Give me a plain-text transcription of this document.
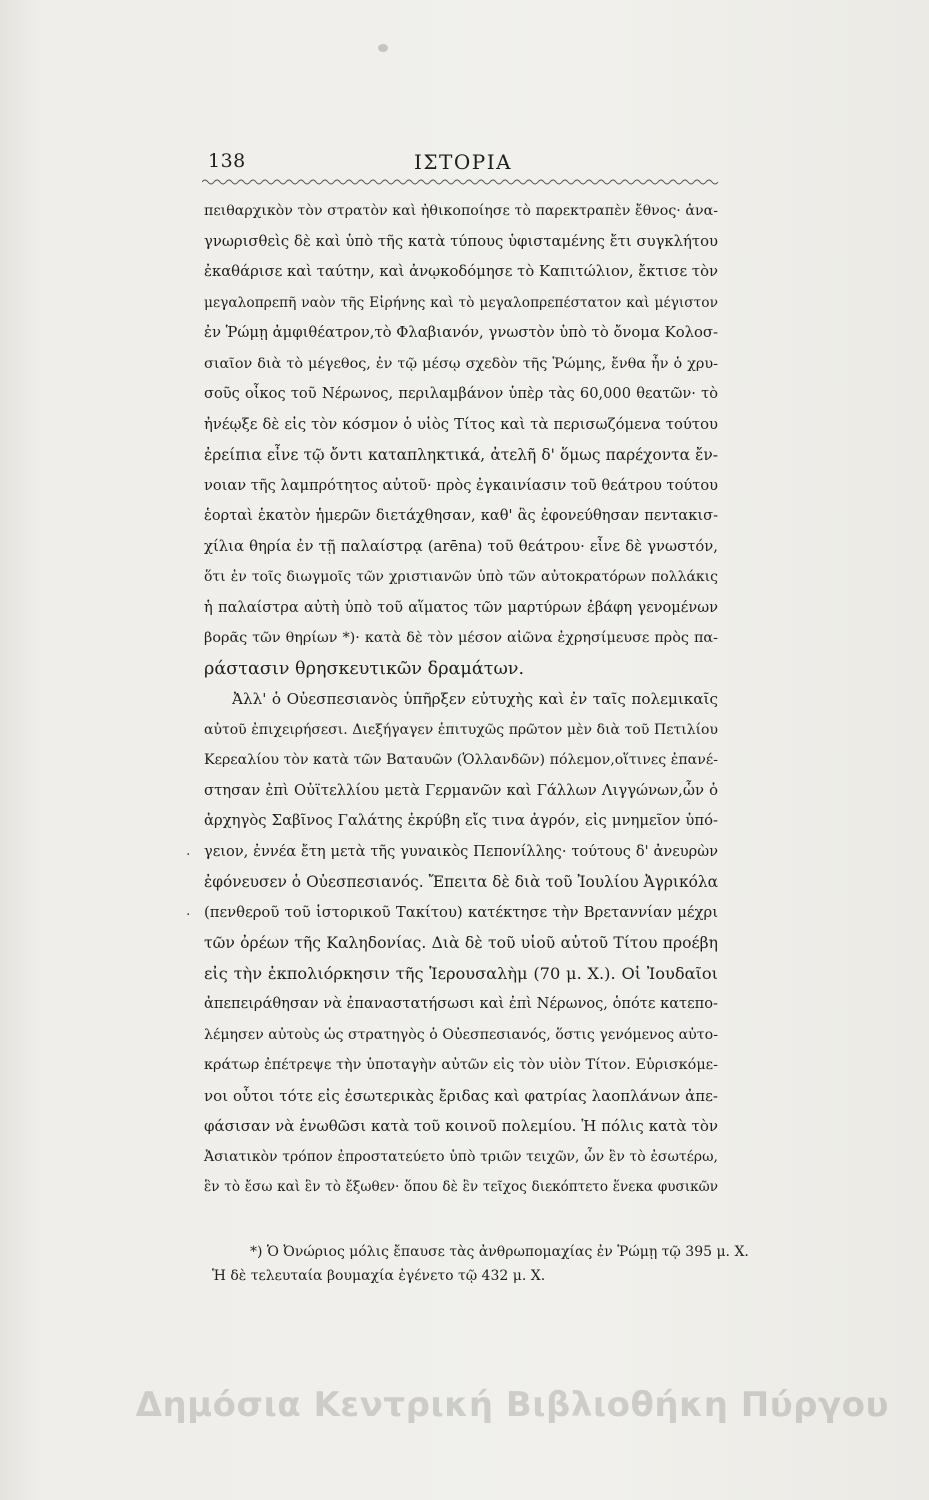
138	ΙΣΤΟΡΙΑ
πειθαρχικὸν τὸν στρατὸν καὶ ἠθικοποίησε τὸ παρεκτραπὲν ἔθνος· ἀνα-
γνωρισθεὶς δὲ καὶ ὑπὸ τῆς κατὰ τύπους ὑφισταμένης ἔτι συγκλήτου
ἐκαθάρισε καὶ ταύτην, καὶ ἀνῳκοδόμησε τὸ Καπιτώλιον, ἔκτισε τὸν
μεγαλοπρεπῆ ναὸν τῆς Εἰρήνης καὶ τὸ μεγαλοπρεπέστατον καὶ μέγιστον
ἐν Ῥώμῃ ἀμφιθέατρον,τὸ Φλαβιανόν, γνωστὸν ὑπὸ τὸ ὄνομα Κολοσ-
σιαῖον διὰ τὸ μέγεθος, ἐν τῷ μέσῳ σχεδὸν τῆς Ῥώμης, ἔνθα ἦν ὁ χρυ-
σοῦς οἶκος τοῦ Νέρωνος, περιλαμβάνον ὑπὲρ τὰς 60,000 θεατῶν· τὸ
ἠνέῳξε δὲ εἰς τὸν κόσμον ὁ υἱὸς Τίτος καὶ τὰ περισωζόμενα τούτου
ἐρείπια εἶνε τῷ ὄντι καταπληκτικά, ἀτελῆ δ' ὅμως παρέχοντα ἔν-
νοιαν τῆς λαμπρότητος αὐτοῦ· πρὸς ἐγκαινίασιν τοῦ θεάτρου τούτου
ἑορταὶ ἑκατὸν ἡμερῶν διετάχθησαν, καθ' ἃς ἐφονεύθησαν πεντακισ-
χίλια θηρία ἐν τῇ παλαίστρᾳ (arēna) τοῦ θεάτρου· εἶνε δὲ γνωστόν,
ὅτι ἐν τοῖς διωγμοῖς τῶν χριστιανῶν ὑπὸ τῶν αὐτοκρατόρων πολλάκις
ἡ παλαίστρα αὐτὴ ὑπὸ τοῦ αἵματος τῶν μαρτύρων ἐβάφη γενομένων
βορᾶς τῶν θηρίων *)· κατὰ δὲ τὸν μέσον αἰῶνα ἐχρησίμευσε πρὸς πα-
ράστασιν θρησκευτικῶν δραμάτων.
Ἀλλ' ὁ Οὐεσπεσιανὸς ὑπῆρξεν εὐτυχὴς καὶ ἐν ταῖς πολεμικαῖς
αὐτοῦ ἐπιχειρήσεσι. Διεξήγαγεν ἐπιτυχῶς πρῶτον μὲν διὰ τοῦ Πετιλίου
Κερεαλίου τὸν κατὰ τῶν Βαταυῶν (Ὁλλανδῶν) πόλεμον,οἵτινες ἐπανέ-
στησαν ἐπὶ Οὐϊτελλίου μετὰ Γερμανῶν καὶ Γάλλων Λιγγώνων,ὧν ὁ
ἀρχηγὸς Σαβῖνος Γαλάτης ἐκρύβη εἴς τινα ἀγρόν, εἰς μνημεῖον ὑπό-
γειον, ἐννέα ἔτη μετὰ τῆς γυναικὸς Πεπονίλλης· τούτους δ' ἀνευρὼν
ἐφόνευσεν ὁ Οὐεσπεσιανός. Ἔπειτα δὲ διὰ τοῦ Ἰουλίου Ἀγρικόλα
(πενθεροῦ τοῦ ἱστορικοῦ Τακίτου) κατέκτησε τὴν Βρεταννίαν μέχρι
τῶν ὀρέων τῆς Καληδονίας. Διὰ δὲ τοῦ υἱοῦ αὐτοῦ Τίτου προέβη
εἰς τὴν ἐκπολιόρκησιν τῆς Ἱερουσαλὴμ (70 μ. Χ.). Οἱ Ἰουδαῖοι
ἀπεπειράθησαν νὰ ἐπαναστατήσωσι καὶ ἐπὶ Νέρωνος, ὁπότε κατεπο-
λέμησεν αὐτοὺς ὡς στρατηγὸς ὁ Οὐεσπεσιανός, ὅστις γενόμενος αὐτο-
κράτωρ ἐπέτρεψε τὴν ὑποταγὴν αὐτῶν εἰς τὸν υἱὸν Τίτον. Εὑρισκόμε-
νοι οὗτοι τότε εἰς ἐσωτερικὰς ἔριδας καὶ φατρίας λαοπλάνων ἀπε-
φάσισαν νὰ ἑνωθῶσι κατὰ τοῦ κοινοῦ πολεμίου. Ἡ πόλις κατὰ τὸν
Ἀσιατικὸν τρόπον ἐπροστατεύετο ὑπὸ τριῶν τειχῶν, ὧν ἓν τὸ ἐσωτέρω,
ἓν τὸ ἔσω καὶ ἓν τὸ ἔξωθεν· ὅπου δὲ ἓν τεῖχος διεκόπτετο ἕνεκα φυσικῶν
·
·
*) Ὁ Ὀνώριος μόλις ἔπαυσε τὰς ἀνθρωπομαχίας ἐν Ῥώμῃ τῷ 395 μ. Χ.
Ἡ δὲ τελευταία βουμαχία ἐγένετο τῷ 432 μ. Χ.
Δημόσια Κεντρική Βιβλιοθήκη Πύργου
